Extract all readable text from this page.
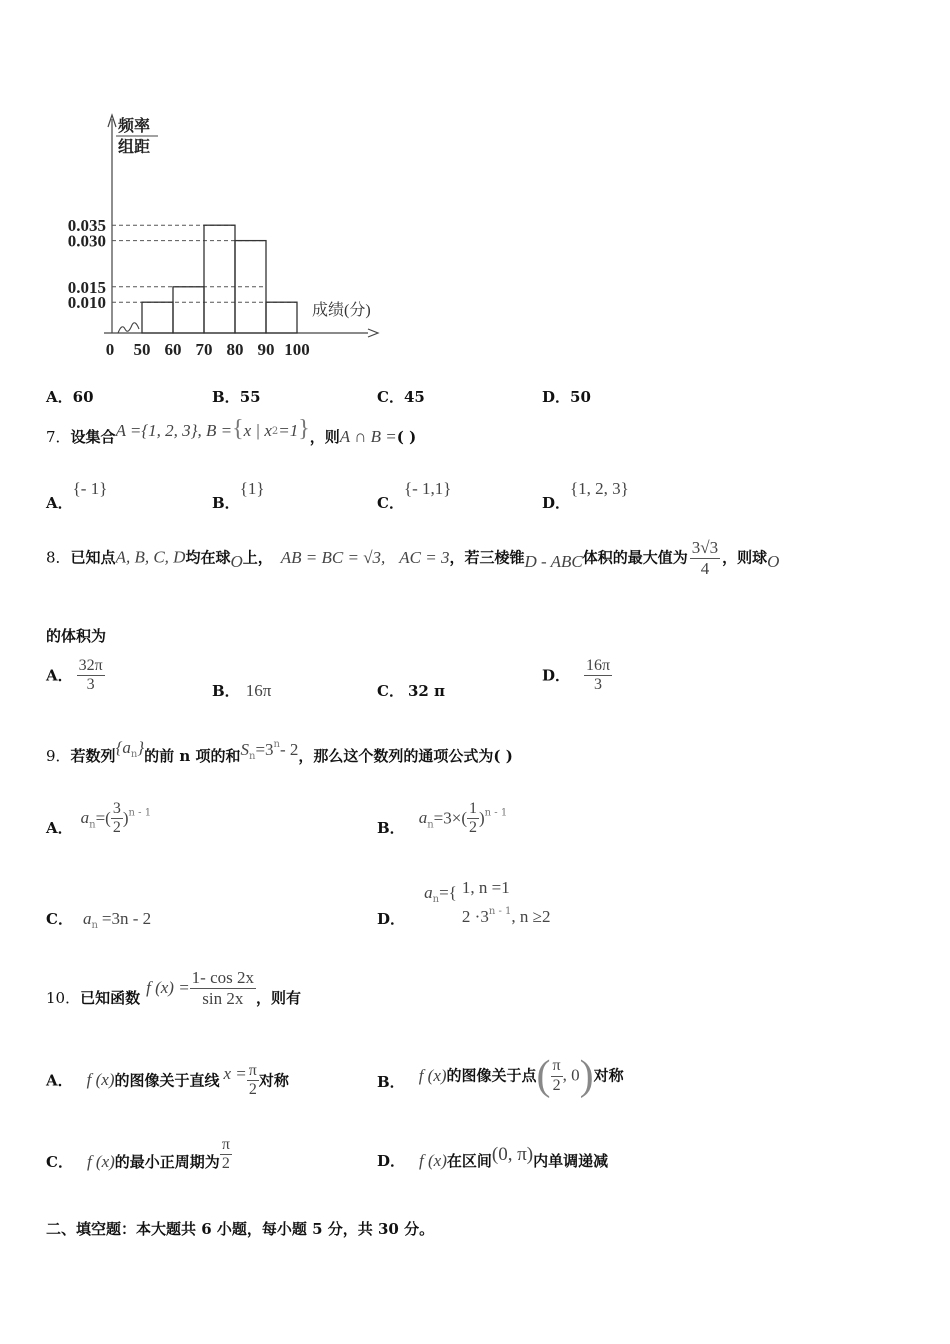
频率
组距
0.010
0.015
0.030
0.035
0 50 60 70 80 90 100
成绩(分)
A．60	B．55	C．45	D．50
7．设集合A ={1, 2, 3}, B ={x | $x^2=1$}，则A ∩ B =( )
A．{- 1}
B．{1}
C．{- 1,1}
D．{1, 2, 3}
8．已知点A, B, C, D均在球O上， AB = BC = √3, AC = 3，若三棱锥D - ABC体积的最大值为 $\frac{3√3}{4}$ ，则球O
的体积为
A． $\frac{32\pi}{3}$	B． 16π	C． 32 π
D． $\frac{16\pi}{3}$
9．若数列$\{a^n\}$的前 n 项的和$S_n=3^n-$ 2，那么这个数列的通项公式为( )
A．$a_n=( \frac{3}{2} )^{n - 1}$
B．$a_n=3\times( \frac{1}{2} )^{n - 1}$
C． $a_n =3n - 2$	D． $a_n=${ 1, n =1
$2 \cdot 3^{n - 1}$, n ≥2
10．已知函数f $(x) = \frac{1- \cos 2x}{\sin 2x}$ ，则有
A． f (x)的图像关于直线 $x = \frac{\pi}{2}$ 对称	B． f (x)的图像关于点( $\frac{\pi}{2}$ , 0)对称
C． f (x)的最小正周期为 $\frac{\pi}{2}$	D． f (x)在区间(0, π)内单调递减
二、填空题：本大题共 6 小题，每小题 5 分，共 30 分。
